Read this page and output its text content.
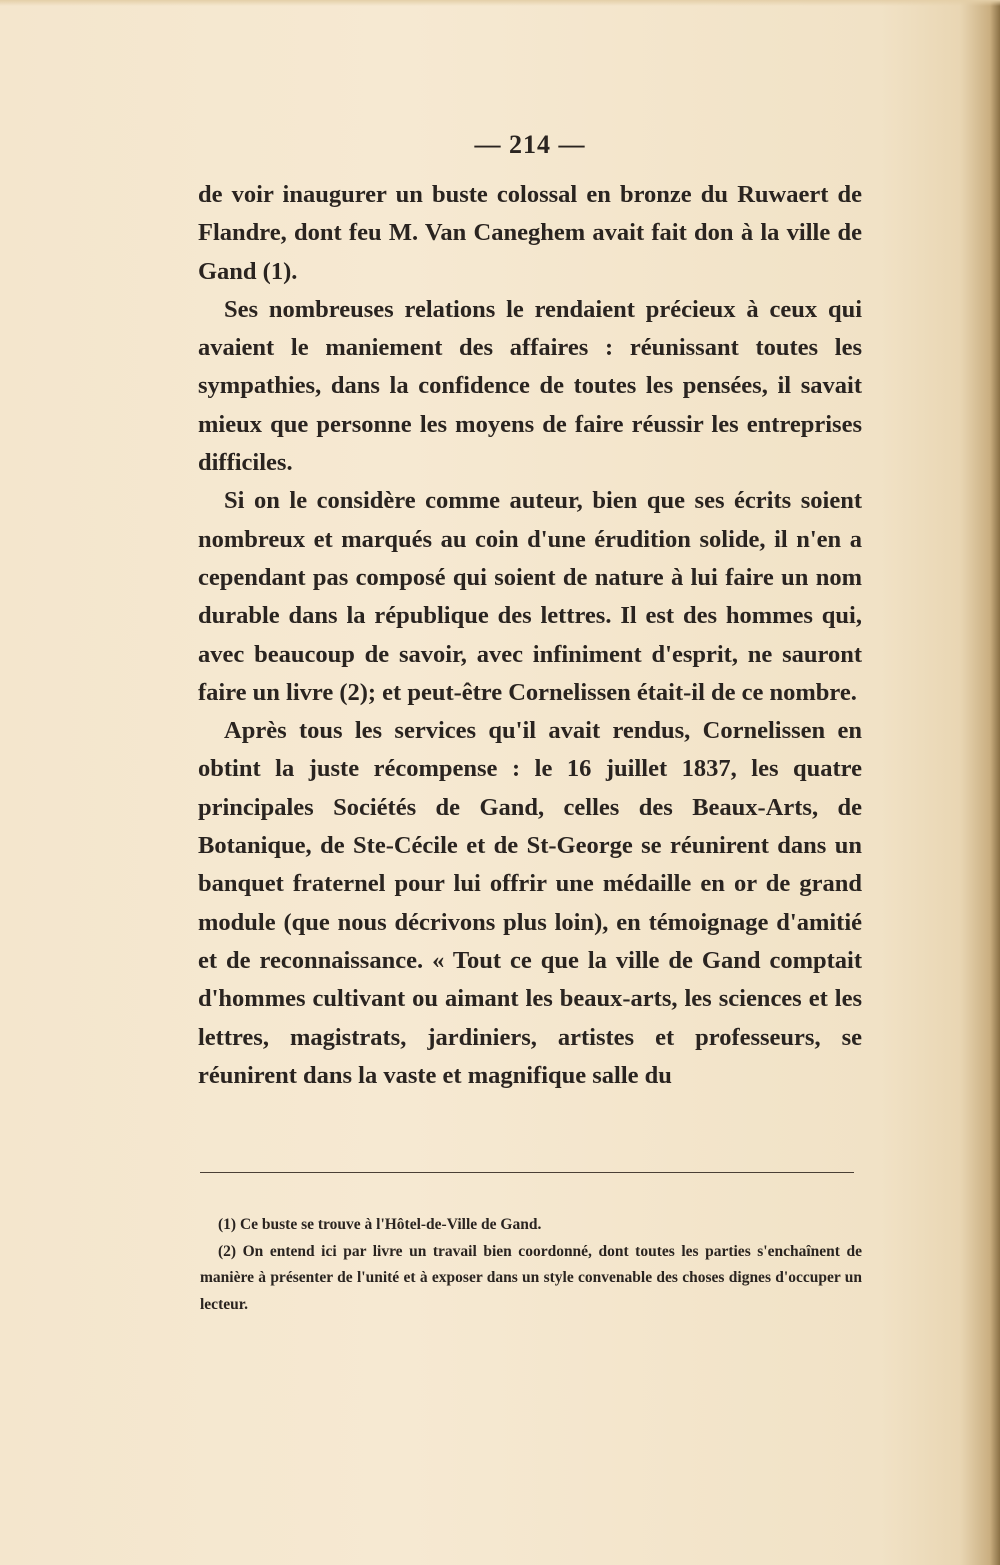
— 214 —

de voir inaugurer un buste colossal en bronze du Ruwaert de Flandre, dont feu M. Van Caneghem avait fait don à la ville de Gand (1).

Ses nombreuses relations le rendaient précieux à ceux qui avaient le maniement des affaires : réunissant toutes les sympathies, dans la confidence de toutes les pensées, il savait mieux que personne les moyens de faire réussir les entreprises difficiles.

Si on le considère comme auteur, bien que ses écrits soient nombreux et marqués au coin d'une érudition solide, il n'en a cependant pas composé qui soient de nature à lui faire un nom durable dans la république des lettres. Il est des hommes qui, avec beaucoup de savoir, avec infiniment d'esprit, ne sauront faire un livre (2); et peut-être Cornelissen était-il de ce nombre.

Après tous les services qu'il avait rendus, Cornelissen en obtint la juste récompense : le 16 juillet 1837, les quatre principales Sociétés de Gand, celles des Beaux-Arts, de Botanique, de Ste-Cécile et de St-George se réunirent dans un banquet fraternel pour lui offrir une médaille en or de grand module (que nous décrivons plus loin), en témoignage d'amitié et de reconnaissance. « Tout ce que la ville de Gand comptait d'hommes cultivant ou aimant les beaux-arts, les sciences et les lettres, magistrats, jardiniers, artistes et professeurs, se réunirent dans la vaste et magnifique salle du

(1) Ce buste se trouve à l'Hôtel-de-Ville de Gand.

(2) On entend ici par livre un travail bien coordonné, dont toutes les parties s'enchaînent de manière à présenter de l'unité et à exposer dans un style convenable des choses dignes d'occuper un lecteur.
